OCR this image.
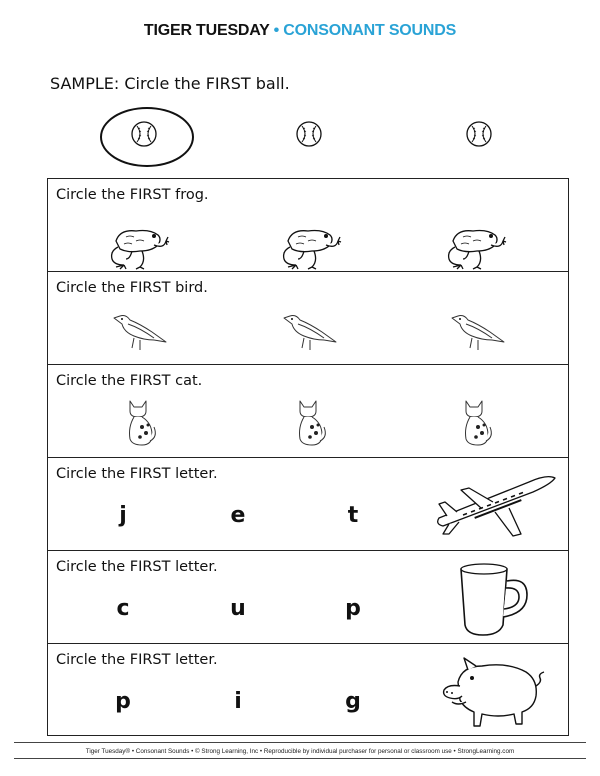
TIGER TUESDAY • CONSONANT SOUNDS
SAMPLE: Circle the FIRST ball.
Circle the FIRST frog.
Circle the FIRST bird.
Circle the FIRST cat.
Circle the FIRST letter.
j	e	t
Circle the FIRST letter.
c	u	p
Circle the FIRST letter.
p	i	g
Tiger Tuesday® • Consonant Sounds • © Strong Learning, Inc • Reproducible by individual purchaser for personal or classroom use • StrongLearning.com
